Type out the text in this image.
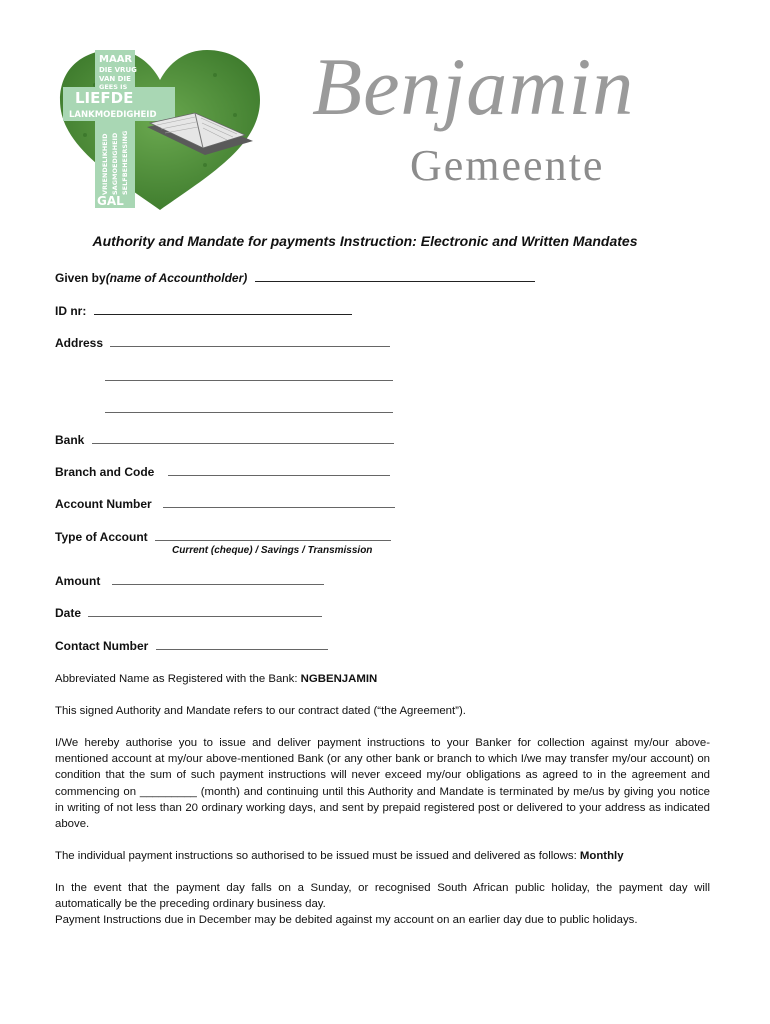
MAAR
DIE VRUG
VAN DIE
GEES IS
LIEFDE
LANKMOEDIGHEID
GAL
VRIENDELIKHEID SAGMOEDIGHEID SELFBEHEERSING
Benjamin
Gemeente
Authority and Mandate for payments Instruction: Electronic and Written Mandates
Given by(name of Accountholder)
ID nr:
Address
Bank
Branch and Code
Account Number
Type of Account
Current (cheque) / Savings / Transmission
Amount
Date
Contact Number
Abbreviated Name as Registered with the Bank: NGBENJAMIN
This signed Authority and Mandate refers to our contract dated (“the Agreement”).
I/We hereby authorise you to issue and deliver payment instructions to your Banker for collection against my/our above-mentioned account at my/our above-mentioned Bank (or any other bank or branch to which I/we may transfer my/our account) on condition that the sum of such payment instructions will never exceed my/our obligations as agreed to in the agreement and commencing on _________ (month) and continuing until this Authority and Mandate is terminated by me/us by giving you notice in writing of not less than 20 ordinary working days, and sent by prepaid registered post or delivered to your address as indicated above.
The individual payment instructions so authorised to be issued must be issued and delivered as follows: Monthly
In the event that the payment day falls on a Sunday, or recognised South African public holiday, the payment day will automatically be the preceding ordinary business day.
Payment Instructions due in December may be debited against my account on an earlier day due to public holidays.
